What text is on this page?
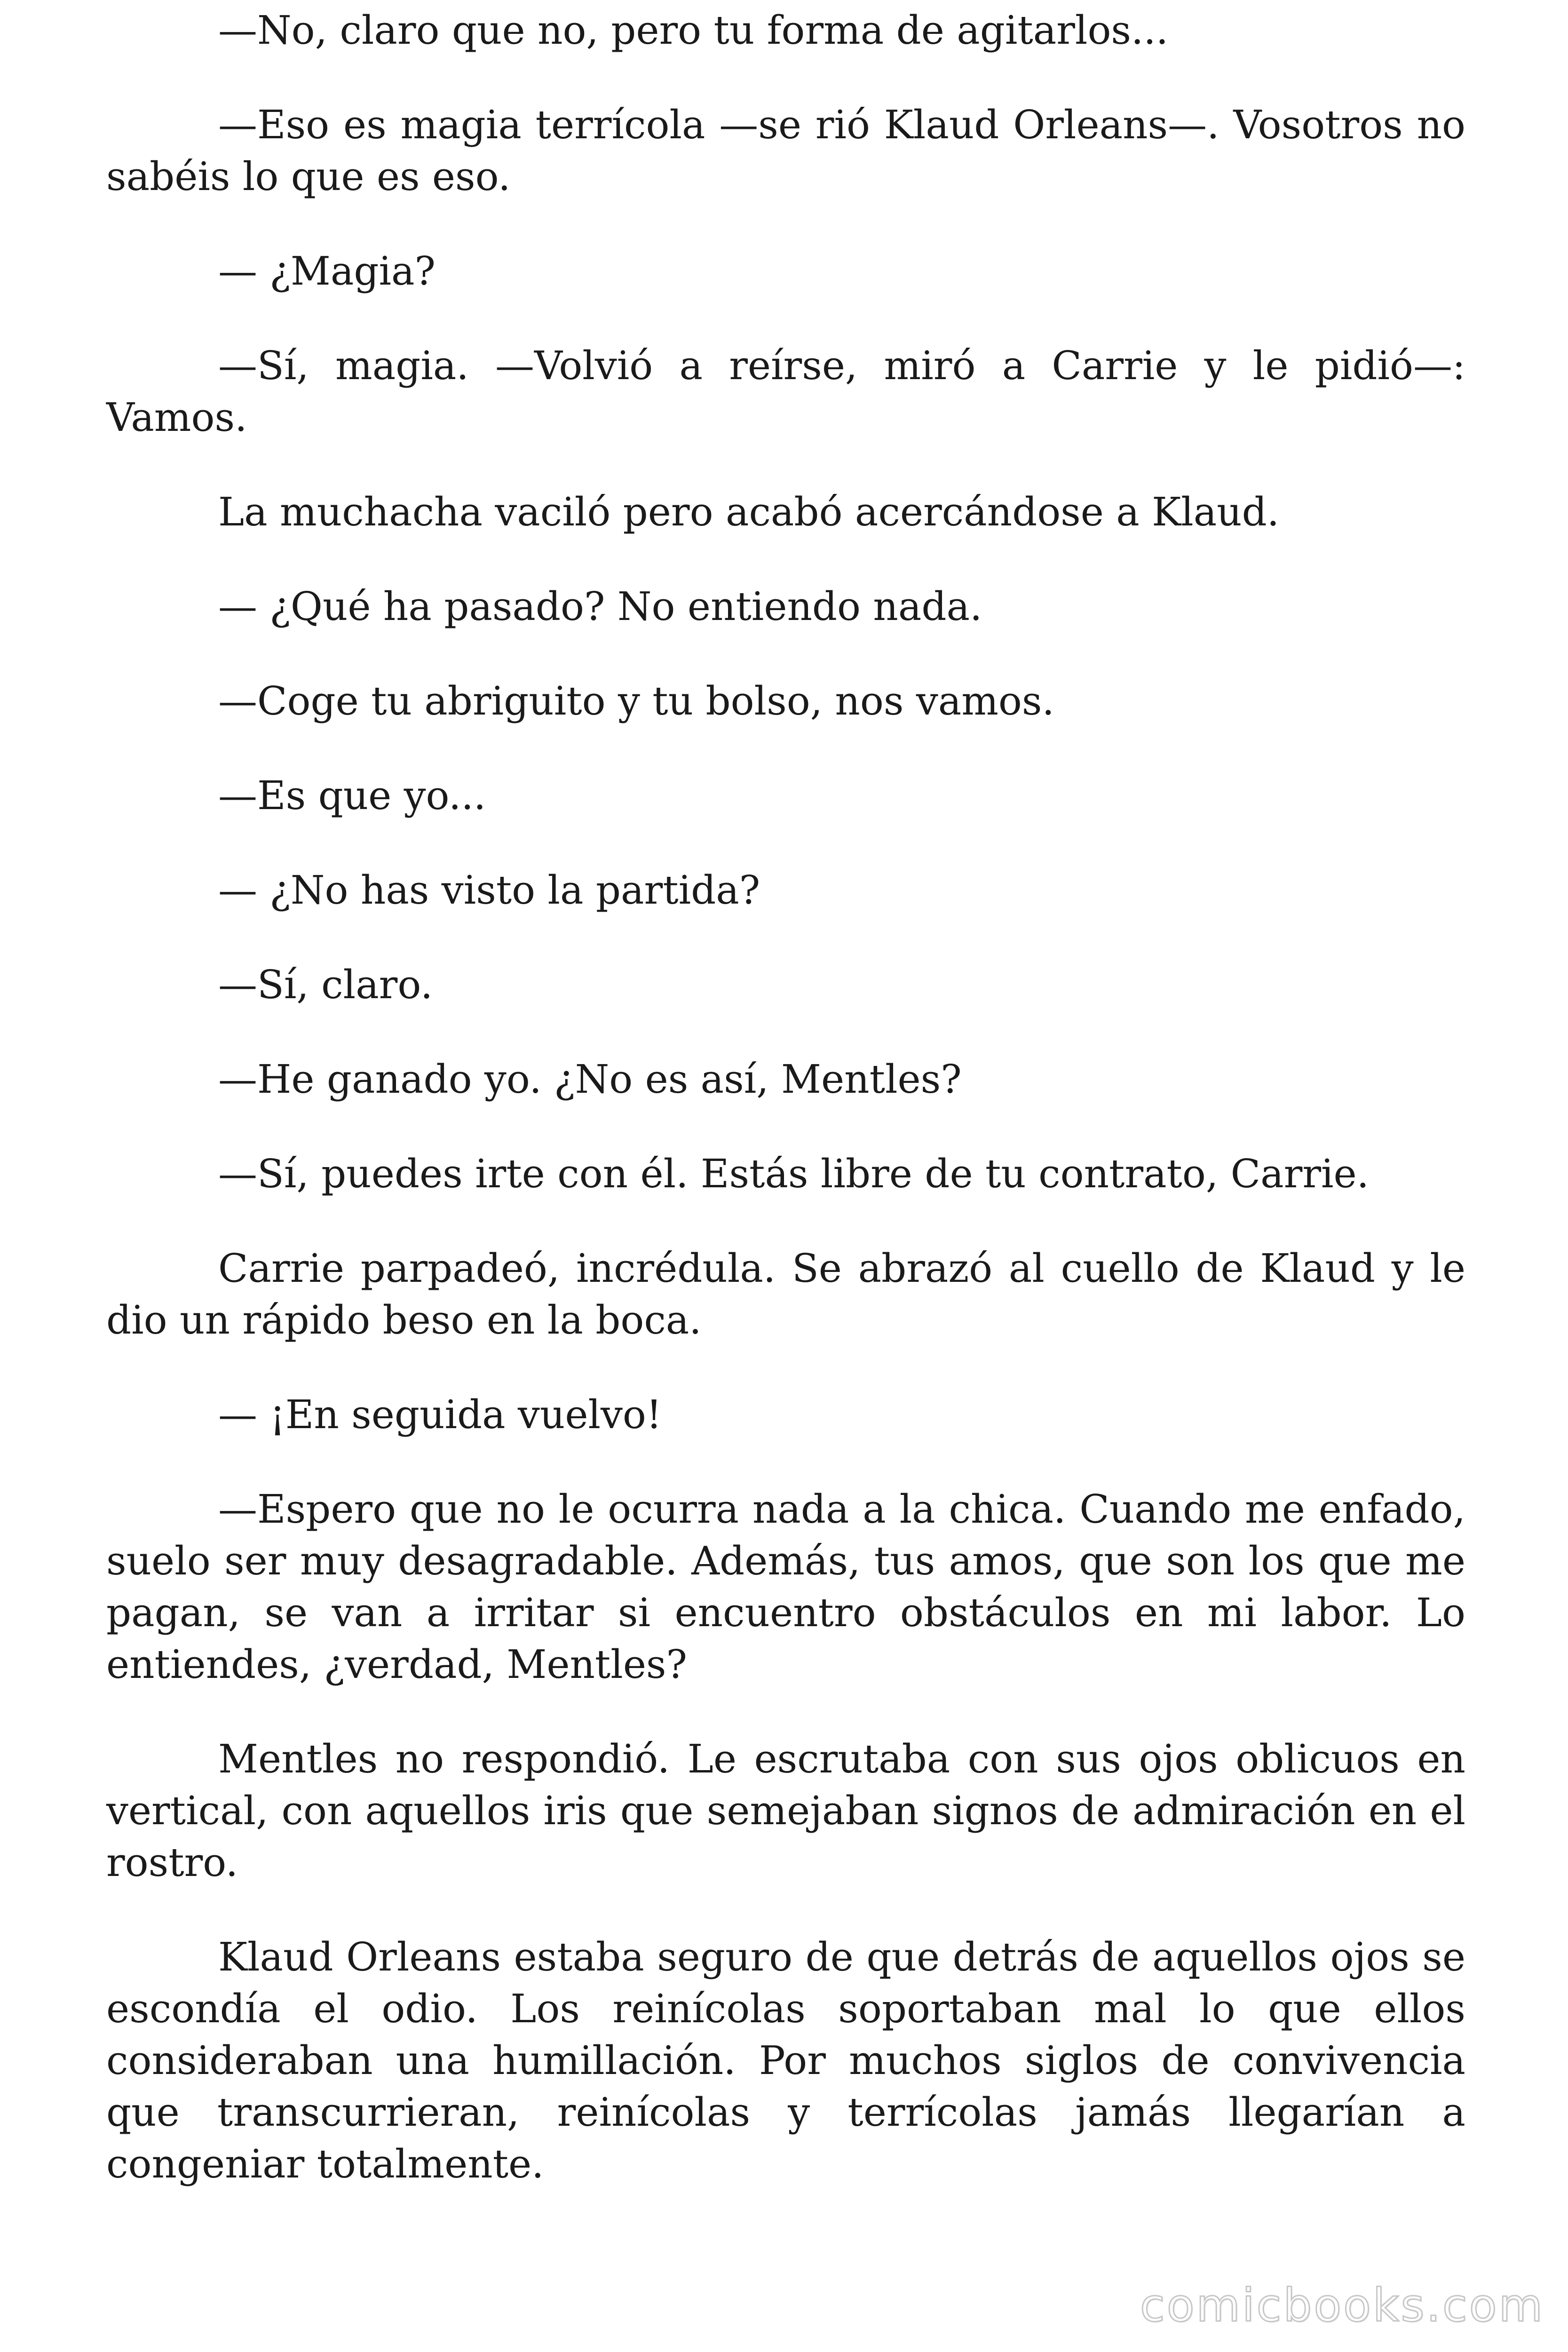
—No, claro que no, pero tu forma de agitarlos...

—Eso es magia terrícola —se rió Klaud Orleans—. Vosotros no sabéis lo que es eso.

— ¿Magia?

—Sí, magia. —Volvió a reírse, miró a Carrie y le pidió—: Vamos.

La muchacha vaciló pero acabó acercándose a Klaud.

— ¿Qué ha pasado? No entiendo nada.

—Coge tu abriguito y tu bolso, nos vamos.

—Es que yo...

— ¿No has visto la partida?

—Sí, claro.

—He ganado yo. ¿No es así, Mentles?

—Sí, puedes irte con él. Estás libre de tu contrato, Carrie.

Carrie parpadeó, incrédula. Se abrazó al cuello de Klaud y le dio un rápido beso en la boca.

— ¡En seguida vuelvo!

—Espero que no le ocurra nada a la chica. Cuando me enfado, suelo ser muy desagradable. Además, tus amos, que son los que me pagan, se van a irritar si encuentro obstáculos en mi labor. Lo entiendes, ¿verdad, Mentles?

Mentles no respondió. Le escrutaba con sus ojos oblicuos en vertical, con aquellos iris que semejaban signos de admiración en el rostro.

Klaud Orleans estaba seguro de que detrás de aquellos ojos se escondía el odio. Los reinícolas soportaban mal lo que ellos consideraban una humillación. Por muchos siglos de convivencia que transcurrieran, reinícolas y terrícolas jamás llegarían a congeniar totalmente.

comicbooks.com
